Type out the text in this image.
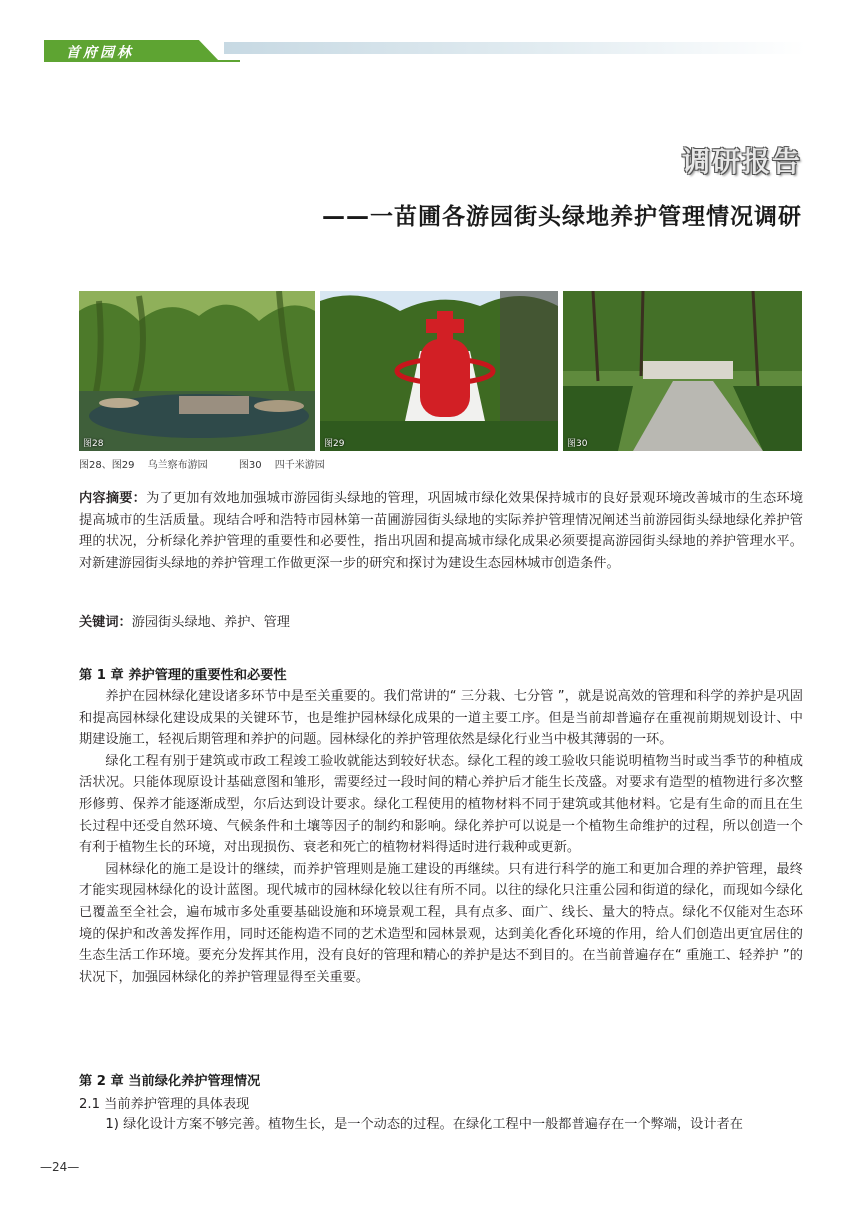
首府园林
调研报告
——一苗圃各游园街头绿地养护管理情况调研
图28	图29	图30
图28、图29 乌兰察布游园	图30 四千米游园
内容摘要：为了更加有效地加强城市游园街头绿地的管理，巩固城市绿化效果保持城市的良好景观环境改善城市的生态环境提高城市的生活质量。现结合呼和浩特市园林第一苗圃游园街头绿地的实际养护管理情况阐述当前游园街头绿地绿化养护管理的状况，分析绿化养护管理的重要性和必要性，指出巩固和提高城市绿化成果必须要提高游园街头绿地的养护管理水平。对新建游园街头绿地的养护管理工作做更深一步的研究和探讨为建设生态园林城市创造条件。
关键词：游园街头绿地、养护、管理
第 1 章 养护管理的重要性和必要性

养护在园林绿化建设诸多环节中是至关重要的。我们常讲的“ 三分栽、七分管 ”，就是说高效的管理和科学的养护是巩固和提高园林绿化建设成果的关键环节，也是维护园林绿化成果的一道主要工序。但是当前却普遍存在重视前期规划设计、中期建设施工，轻视后期管理和养护的问题。园林绿化的养护管理依然是绿化行业当中极其薄弱的一环。

绿化工程有别于建筑或市政工程竣工验收就能达到较好状态。绿化工程的竣工验收只能说明植物当时或当季节的种植成活状况。只能体现原设计基础意图和雏形，需要经过一段时间的精心养护后才能生长茂盛。对要求有造型的植物进行多次整形修剪、保养才能逐渐成型，尔后达到设计要求。绿化工程使用的植物材料不同于建筑或其他材料。它是有生命的而且在生长过程中还受自然环境、气候条件和土壤等因子的制约和影响。绿化养护可以说是一个植物生命维护的过程，所以创造一个有利于植物生长的环境，对出现损伤、衰老和死亡的植物材料得适时进行栽种或更新。

园林绿化的施工是设计的继续，而养护管理则是施工建设的再继续。只有进行科学的施工和更加合理的养护管理，最终才能实现园林绿化的设计蓝图。现代城市的园林绿化较以往有所不同。以往的绿化只注重公园和街道的绿化，而现如今绿化已覆盖至全社会，遍布城市多处重要基础设施和环境景观工程，具有点多、面广、线长、量大的特点。绿化不仅能对生态环境的保护和改善发挥作用，同时还能构造不同的艺术造型和园林景观，达到美化香化环境的作用，给人们创造出更宜居住的生态生活工作环境。要充分发挥其作用，没有良好的管理和精心的养护是达不到目的。在当前普遍存在“ 重施工、轻养护 ”的状况下，加强园林绿化的养护管理显得至关重要。

第 2 章 当前绿化养护管理情况
2.1 当前养护管理的具体表现

1) 绿化设计方案不够完善。植物生长，是一个动态的过程。在绿化工程中一般都普遍存在一个弊端，设计者在

—24—
